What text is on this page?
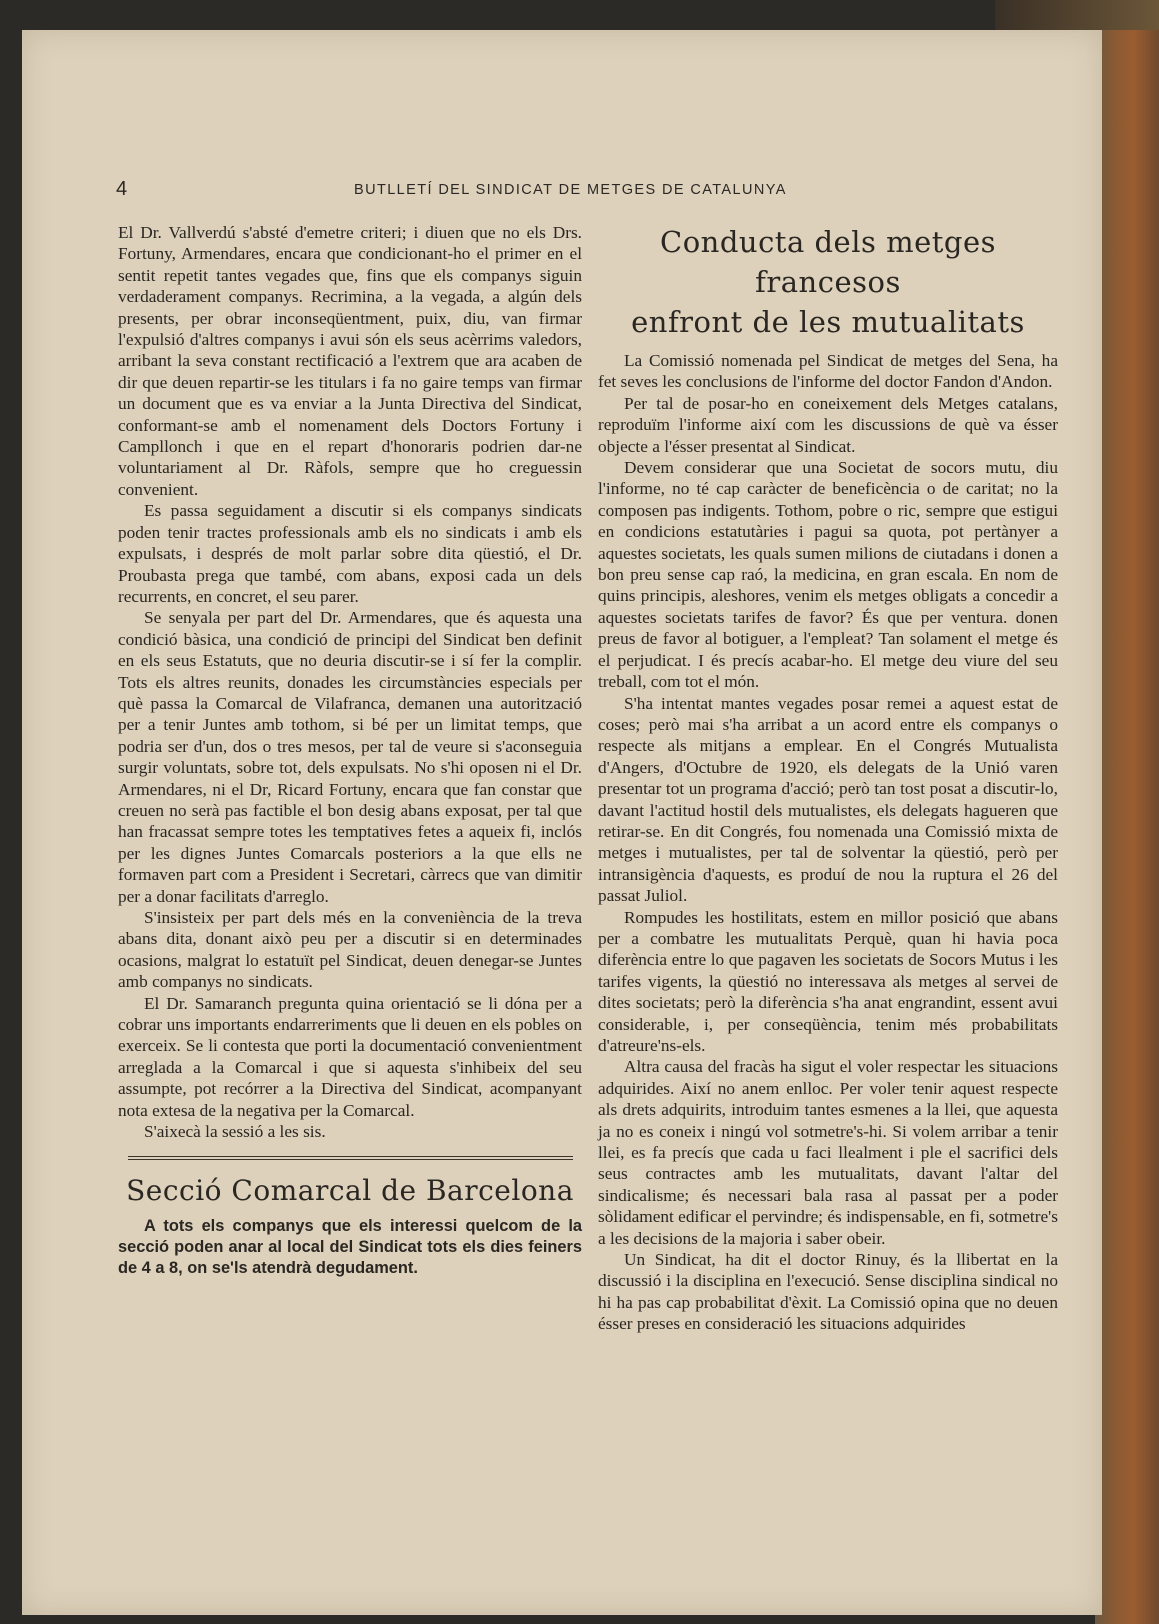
4	BUTLLETÍ DEL SINDICAT DE METGES DE CATALUNYA

El Dr. Vallverdú s'absté d'emetre criteri; i diuen que no els Drs. Fortuny, Armendares, encara que condicionant-ho el primer en el sentit repetit tantes vegades que, fins que els companys siguin verdaderament companys. Recrimina, a la vegada, a algún dels presents, per obrar inconseqüentment, puix, diu, van firmar l'expulsió d'altres companys i avui són els seus acèrrims valedors, arribant la seva constant rectificació a l'extrem que ara acaben de dir que deuen repartir-se les titulars i fa no gaire temps van firmar un document que es va enviar a la Junta Directiva del Sindicat, conformant-se amb el nomenament dels Doctors Fortuny i Campllonch i que en el repart d'honoraris podrien dar-ne voluntariament al Dr. Ràfols, sempre que ho creguessin convenient.

Es passa seguidament a discutir si els companys sindicats poden tenir tractes professionals amb els no sindicats i amb els expulsats, i després de molt parlar sobre dita qüestió, el Dr. Proubasta prega que també, com abans, exposi cada un dels recurrents, en concret, el seu parer.

Se senyala per part del Dr. Armendares, que és aquesta una condició bàsica, una condició de principi del Sindicat ben definit en els seus Estatuts, que no deuria discutir-se i sí fer la complir. Tots els altres reunits, donades les circumstàncies especials per què passa la Comarcal de Vilafranca, demanen una autorització per a tenir Juntes amb tothom, si bé per un limitat temps, que podria ser d'un, dos o tres mesos, per tal de veure si s'aconseguia surgir voluntats, sobre tot, dels expulsats. No s'hi oposen ni el Dr. Armendares, ni el Dr, Ricard Fortuny, encara que fan constar que creuen no serà pas factible el bon desig abans exposat, per tal que han fracassat sempre totes les temptatives fetes a aqueix fi, inclós per les dignes Juntes Comarcals posteriors a la que ells ne formaven part com a President i Secretari, càrrecs que van dimitir per a donar facilitats d'arreglo.

S'insisteix per part dels més en la conveniència de la treva abans dita, donant això peu per a discutir si en determinades ocasions, malgrat lo estatuït pel Sindicat, deuen denegar-se Juntes amb companys no sindicats.

El Dr. Samaranch pregunta quina orientació se li dóna per a cobrar uns importants endarreriments que li deuen en els pobles on exerceix. Se li contesta que porti la documentació convenientment arreglada a la Comarcal i que si aquesta s'inhibeix del seu assumpte, pot recórrer a la Directiva del Sindicat, acompanyant nota extesa de la negativa per la Comarcal.

S'aixecà la sessió a les sis.

Secció Comarcal de Barcelona

A tots els companys que els interessi quelcom de la secció poden anar al local del Sindicat tots els dies feiners de 4 a 8, on se'ls atendrà degudament.

Conducta dels metges francesos
enfront de les mutualitats

La Comissió nomenada pel Sindicat de metges del Sena, ha fet seves les conclusions de l'informe del doctor Fandon d'Andon.

Per tal de posar-ho en coneixement dels Metges catalans, reproduïm l'informe així com les discussions de què va ésser objecte a l'ésser presentat al Sindicat.

Devem considerar que una Societat de socors mutu, diu l'informe, no té cap caràcter de beneficència o de caritat; no la composen pas indigents. Tothom, pobre o ric, sempre que estigui en condicions estatutàries i pagui sa quota, pot pertànyer a aquestes societats, les quals sumen milions de ciutadans i donen a bon preu sense cap raó, la medicina, en gran escala. En nom de quins principis, aleshores, venim els metges obligats a concedir a aquestes societats tarifes de favor? És que per ventura. donen preus de favor al botiguer, a l'empleat? Tan solament el metge és el perjudicat. I és precís acabar-ho. El metge deu viure del seu treball, com tot el món.

S'ha intentat mantes vegades posar remei a aquest estat de coses; però mai s'ha arribat a un acord entre els companys o respecte als mitjans a emplear. En el Congrés Mutualista d'Angers, d'Octubre de 1920, els delegats de la Unió varen presentar tot un programa d'acció; però tan tost posat a discutir-lo, davant l'actitud hostil dels mutualistes, els delegats hagueren que retirar-se. En dit Congrés, fou nomenada una Comissió mixta de metges i mutualistes, per tal de solventar la qüestió, però per intransigència d'aquests, es produí de nou la ruptura el 26 del passat Juliol.

Rompudes les hostilitats, estem en millor posició que abans per a combatre les mutualitats Perquè, quan hi havia poca diferència entre lo que pagaven les societats de Socors Mutus i les tarifes vigents, la qüestió no interessava als metges al servei de dites societats; però la diferència s'ha anat engrandint, essent avui considerable, i, per conseqüència, tenim més probabilitats d'atreure'ns-els.

Altra causa del fracàs ha sigut el voler respectar les situacions adquirides. Així no anem enlloc. Per voler tenir aquest respecte als drets adquirits, introduim tantes esmenes a la llei, que aquesta ja no es coneix i ningú vol sotmetre's-hi. Si volem arribar a tenir llei, es fa precís que cada u faci llealment i ple el sacrifici dels seus contractes amb les mutualitats, davant l'altar del sindicalisme; és necessari bala rasa al passat per a poder sòlidament edificar el pervindre; és indispensable, en fi, sotmetre's a les decisions de la majoria i saber obeir.

Un Sindicat, ha dit el doctor Rinuy, és la llibertat en la discussió i la disciplina en l'execució. Sense disciplina sindical no hi ha pas cap probabilitat d'èxit. La Comissió opina que no deuen ésser preses en consideració les situacions adquirides
